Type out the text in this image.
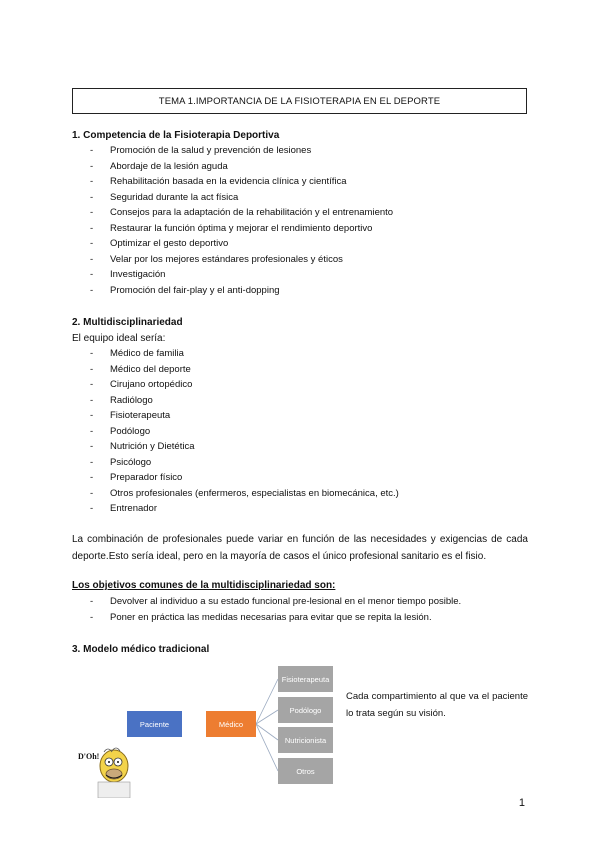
TEMA 1.IMPORTANCIA DE LA FISIOTERAPIA EN EL DEPORTE
1. Competencia de la Fisioterapia Deportiva
-	Promoción de la salud y prevención de lesiones
-	Abordaje de la lesión aguda
-	Rehabilitación basada en la evidencia clínica y científica
-	Seguridad durante la act física
-	Consejos para la adaptación de la rehabilitación y el entrenamiento
-	Restaurar la función óptima y mejorar el rendimiento deportivo
-	Optimizar el gesto deportivo
-	Velar por los mejores estándares profesionales y éticos
-	Investigación
-	Promoción del fair-play y el anti-dopping
2. Multidisciplinariedad
El equipo ideal sería:
-	Médico de familia
-	Médico del deporte
-	Cirujano ortopédico
-	Radiólogo
-	Fisioterapeuta
-	Podólogo
-	Nutrición y Dietética
-	Psicólogo
-	Preparador físico
-	Otros profesionales (enfermeros, especialistas en biomecánica, etc.)
-	Entrenador
La combinación de profesionales puede variar en función de las necesidades y exigencias de cada deporte.Esto sería ideal, pero en la mayoría de casos el único profesional sanitario es el fisio.
Los objetivos comunes de la multidisciplinariedad son:
-	Devolver al individuo a su estado funcional pre-lesional en el menor tiempo posible.
-	Poner en práctica las medidas necesarias para evitar que se repita la lesión.
3. Modelo médico tradicional
Paciente	Médico
Fisioterapeuta
Podólogo
Nutricionista
Otros
Cada compartimiento al que va el paciente lo trata según su visión.
D'Oh!
1
